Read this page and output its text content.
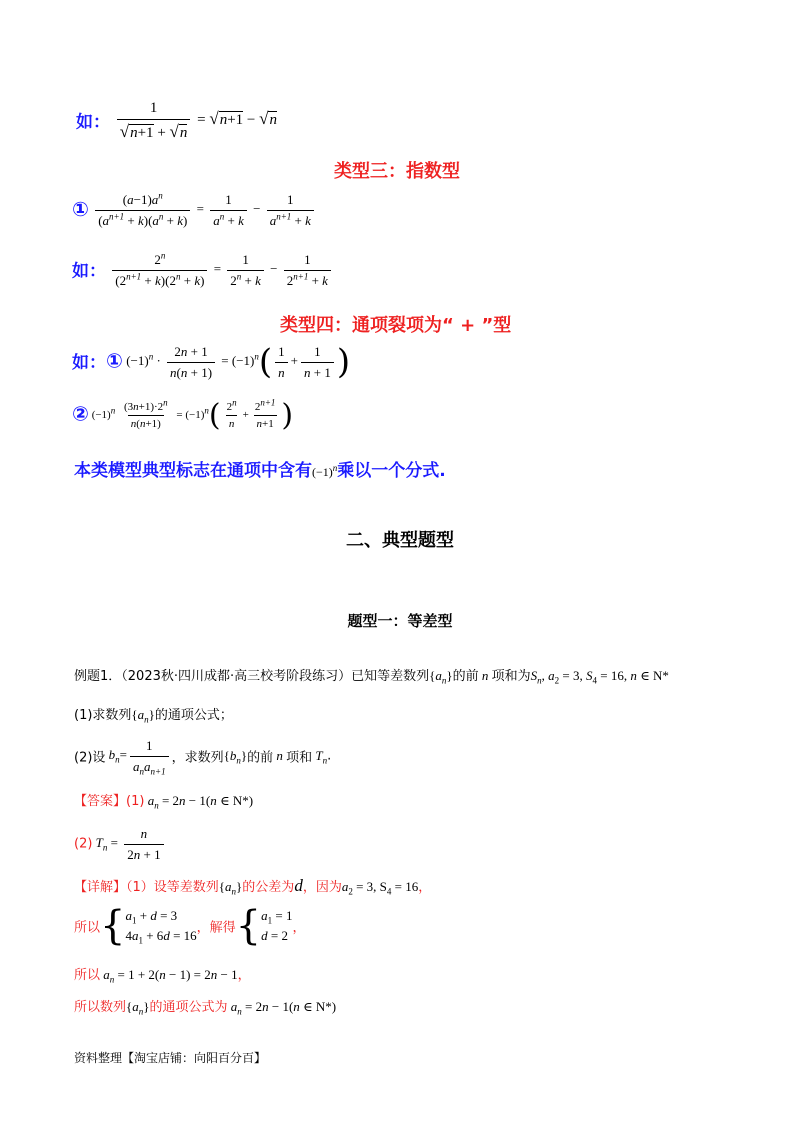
如： $\frac{1}{√n+1 + √n} = √n+1 - √n$
类型三：指数型
① $\frac{(a-1)a^n}{(a^{n+1} + k)(a^n + k)} = \frac{1}{a^n + k} - \frac{1}{a^{n+1} + k}$
如： $\frac{2^n}{(2^{n+1} + k)(2^n + k)} = \frac{1}{2^n + k} - \frac{1}{2^{n+1} + k}$
类型四：通项裂项为“ + ”型
如：① $(-1)^n \cdot \frac{2n + 1}{n(n + 1)} = (-1)^n( \frac{1}{n} + \frac{1}{n + 1}$ )
② $(-1)^n \frac{(3n+1)\cdot 2^n}{n(n+1)} = (-1)^n( \frac{2^n}{n} + \frac{2^{n+1}}{n+1}$ )
本类模型典型标志在通项中含有$(-1)^n$乘以一个分式.
二、典型题型
题型一：等差型
例题1．（2023秋·四川成都·高三校考阶段练习）已知等差数列$\{a_n\}$的前 n 项和为$S_n$, $a_2 = 3$, $S_4 = 16$, n ∈ N*
(1)求数列$\{a_n\}$的通项公式；
(2)设 $b_n= \frac{1}{a_na_{n+1}}$ ，求数列$\{b_n\}$的前 n 项和 $T_n$.
【答案】(1) $a_n = 2n - 1(n$ ∈ N*)
(2) $T_n = \frac{n}{2n + 1}$
【详解】（1）设等差数列$\{a_n\}$的公差为d，因为$a_2 = 3$, $S_4 = 16$，
所以{ $a_1 + d = 3$
$4a_1 + 6d = 16$ ，解得{ $a_1 = 1$
d = 2 ，
所以 $a_n = 1 + 2(n - 1) = 2n - 1$，
所以数列$\{a_n\}$的通项公式为 $a_n = 2n - 1(n$ ∈ N*)
资料整理【淘宝店铺：向阳百分百】
